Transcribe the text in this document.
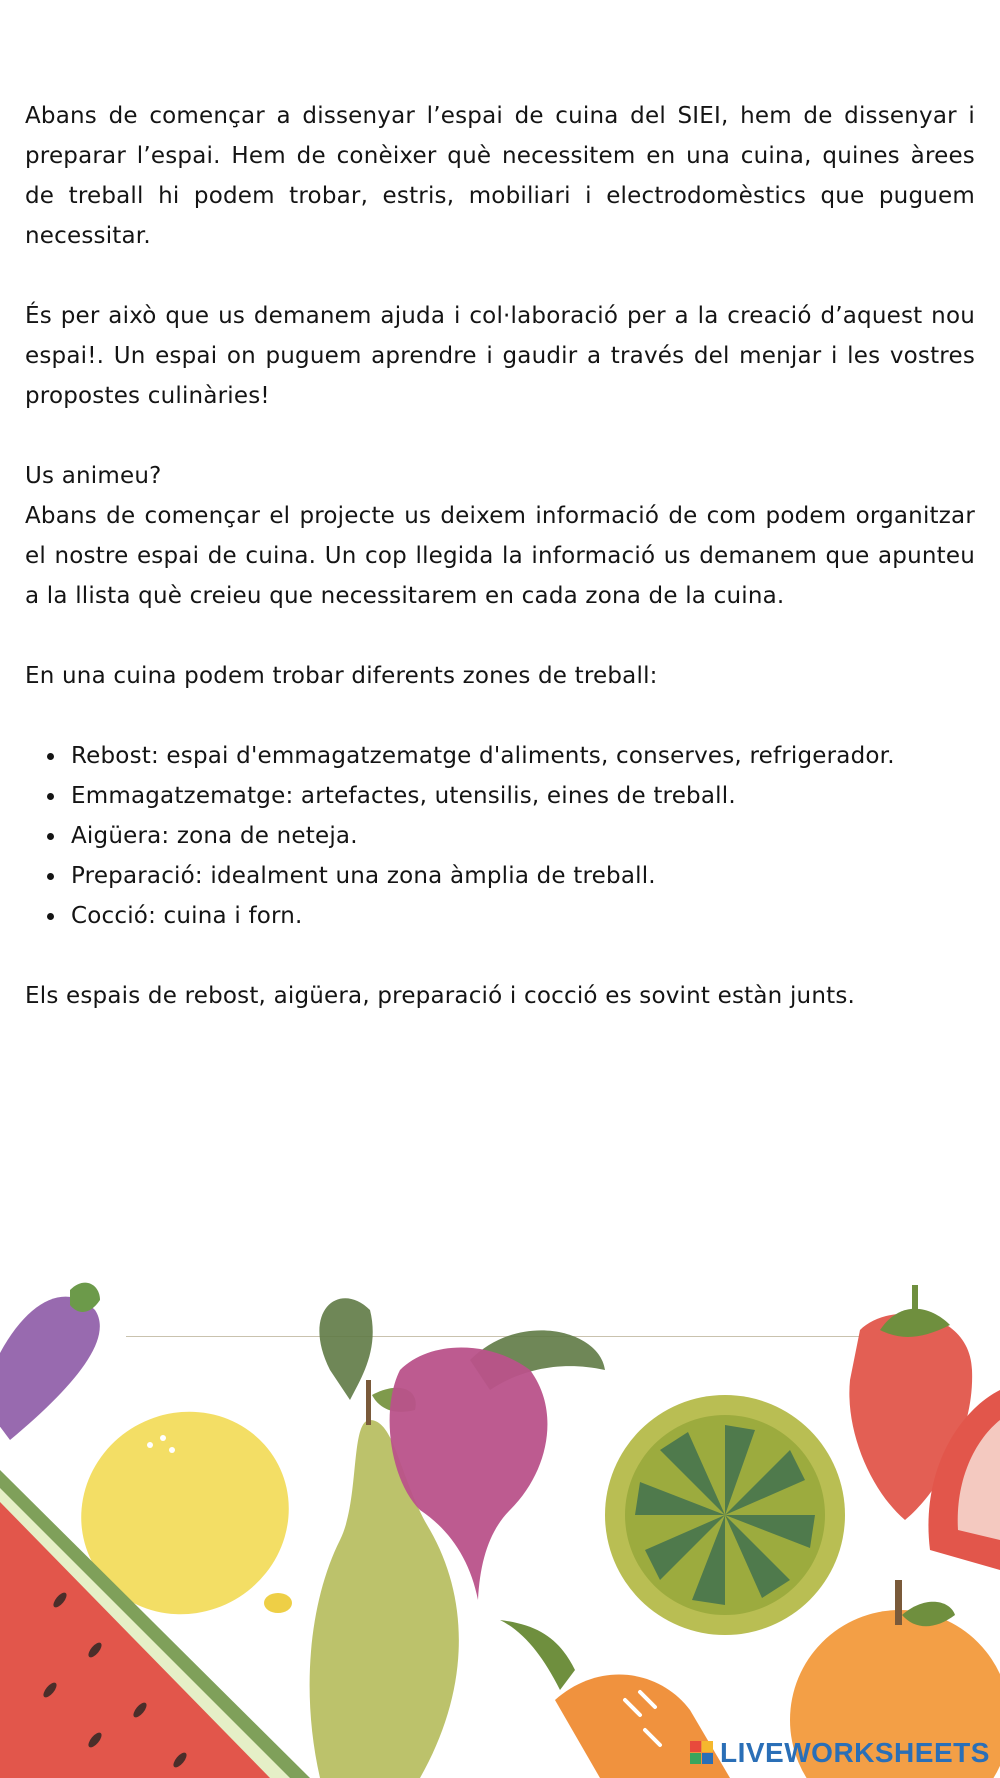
Abans de començar a dissenyar l’espai de cuina del SIEI, hem de dissenyar i preparar l’espai. Hem de conèixer què necessitem en una cuina, quines àrees de treball hi podem trobar, estris, mobiliari i electrodomèstics que puguem necessitar.

És per això que us demanem ajuda i col·laboració per a la creació d’aquest nou espai!. Un espai on puguem aprendre i gaudir a través del menjar i les vostres propostes culinàries!

Us animeu?

Abans de començar el projecte us deixem informació de com podem organitzar el nostre espai de cuina. Un cop llegida la informació us demanem que apunteu a la llista què creieu que necessitarem en cada zona de la cuina.

En una cuina podem trobar diferents zones de treball:

Rebost: espai d'emmagatzematge d'aliments, conserves, refrigerador.
Emmagatzematge: artefactes, utensilis, eines de treball.
Aigüera: zona de neteja.
Preparació: idealment una zona àmplia de treball.
Cocció: cuina i forn.

Els espais de rebost, aigüera, preparació i cocció es sovint estàn junts.

LIVEWORKSHEETS
